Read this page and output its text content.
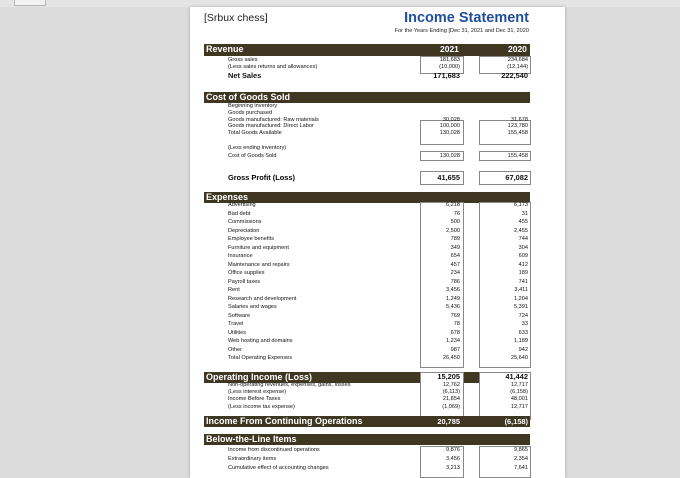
[Srbux chess]	Income Statement
For the Years Ending [Dec 31, 2021 and Dec 31, 2020
Revenue	2021	2020
Gross sales	181,683	234,684
(Less sales returns and allowances)	(10,000)	(12,144)
Net Sales	171,683	222,540
Cost of Goods Sold
Beginning inventory
Goods purchased
Goods manufactured: Raw materials	30,028	31,678
Goods manufactured: Direct Labor	100,000	123,780
Total Goods Available	130,028	155,458
(Less ending inventory)
Cost of Goods Sold	130,028	155,458
Gross Profit (Loss)	41,655	67,082
Expenses
Advertising	6,218	6,173
Bad debt	76	31
Commissions	500	455
Depreciation	2,500	2,455
Employee benefits	789	744
Furniture and equipment	349	304
Insurance	654	609
Maintenance and repairs	457	412
Office supplies	234	189
Payroll taxes	786	741
Rent	3,456	3,411
Research and development	1,249	1,204
Salaries and wages	5,436	5,391
Software	769	724
Travel	78	33
Utilities	678	633
Web hosting and domains	1,234	1,189
Other	987	942
Total Operating Expenses	26,450	25,640
Operating Income (Loss)	15,205	41,442
Non-operating revenues, expenses, gains, losses	12,762	12,717
(Less interest expense)	(6,113)	(6,158)
Income Before Taxes	21,854	48,001
(Less income tax expense)	(1,069)	12,717
Income From Continuing Operations	20,785	(6,158)
Below-the-Line Items
Income from discontinued operations	9,876	9,865
Extraordinary items	3,456	2,354
Cumulative effect of accounting changes	3,213	7,641
